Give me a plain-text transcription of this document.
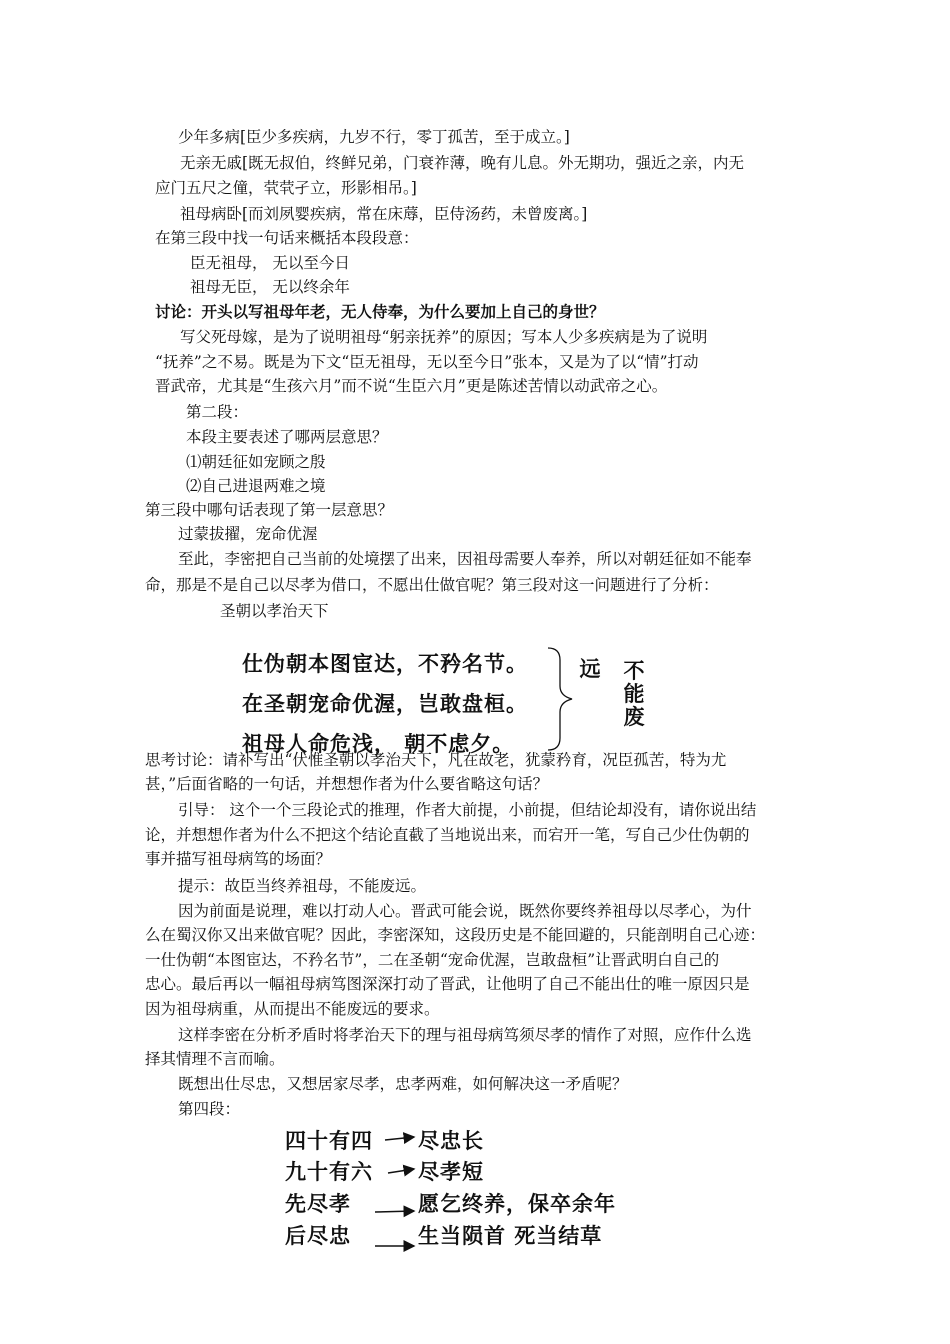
少年多病[臣少多疾病，九岁不行，零丁孤苦，至于成立。]
无亲无戚[既无叔伯，终鲜兄弟，门衰祚薄，晚有儿息。外无期功，强近之亲，内无
应门五尺之僮，茕茕孑立，形影相吊。]
祖母病卧[而刘夙婴疾病，常在床蓐，臣侍汤药，未曾废离。]
在第三段中找一句话来概括本段段意：
臣无祖母， 无以至今日
祖母无臣， 无以终余年
讨论：开头以写祖母年老，无人侍奉，为什么要加上自己的身世？
写父死母嫁，是为了说明祖母“躬亲抚养”的原因；写本人少多疾病是为了说明
“抚养”之不易。既是为下文“臣无祖母，无以至今日”张本，又是为了以“情”打动
晋武帝，尤其是“生孩六月”而不说“生臣六月”更是陈述苦情以动武帝之心。
第二段：
本段主要表述了哪两层意思？
⑴朝廷征如宠顾之殷
⑵自己进退两难之境
第三段中哪句话表现了第一层意思？
过蒙拔擢，宠命优渥
至此，李密把自己当前的处境摆了出来，因祖母需要人奉养，所以对朝廷征如不能奉
命，那是不是自己以尽孝为借口，不愿出仕做官呢？第三段对这一问题进行了分析：
圣朝以孝治天下
仕伪朝本图宦达，不矜名节。
在圣朝宠命优渥，岂敢盘桓。
祖母人命危浅， 朝不虑夕。
远 不
能
废
思考讨论：请补写出“伏惟圣朝以孝治天下，凡在故老，犹蒙矜育，况臣孤苦，特为尤
甚，”后面省略的一句话，并想想作者为什么要省略这句话？
引导： 这个一个三段论式的推理，作者大前提，小前提，但结论却没有，请你说出结
论，并想想作者为什么不把这个结论直截了当地说出来，而宕开一笔，写自己少仕伪朝的
事并描写祖母病笃的场面？
提示：故臣当终养祖母，不能废远。
因为前面是说理，难以打动人心。晋武可能会说，既然你要终养祖母以尽孝心，为什
么在蜀汉你又出来做官呢？因此，李密深知，这段历史是不能回避的，只能剖明自己心迹：
一仕伪朝“本图宦达，不矜名节”，二在圣朝“宠命优渥，岂敢盘桓”让晋武明白自己的
忠心。最后再以一幅祖母病笃图深深打动了晋武，让他明了自己不能出仕的唯一原因只是
因为祖母病重，从而提出不能废远的要求。
这样李密在分析矛盾时将孝治天下的理与祖母病笃须尽孝的情作了对照，应作什么选
择其情理不言而喻。
既想出仕尽忠，又想居家尽孝，忠孝两难，如何解决这一矛盾呢？
第四段：
四十有四 尽忠长
九十有六 尽孝短
先尽孝	愿乞终养，保卒余年
后尽忠	生当陨首 死当结草
